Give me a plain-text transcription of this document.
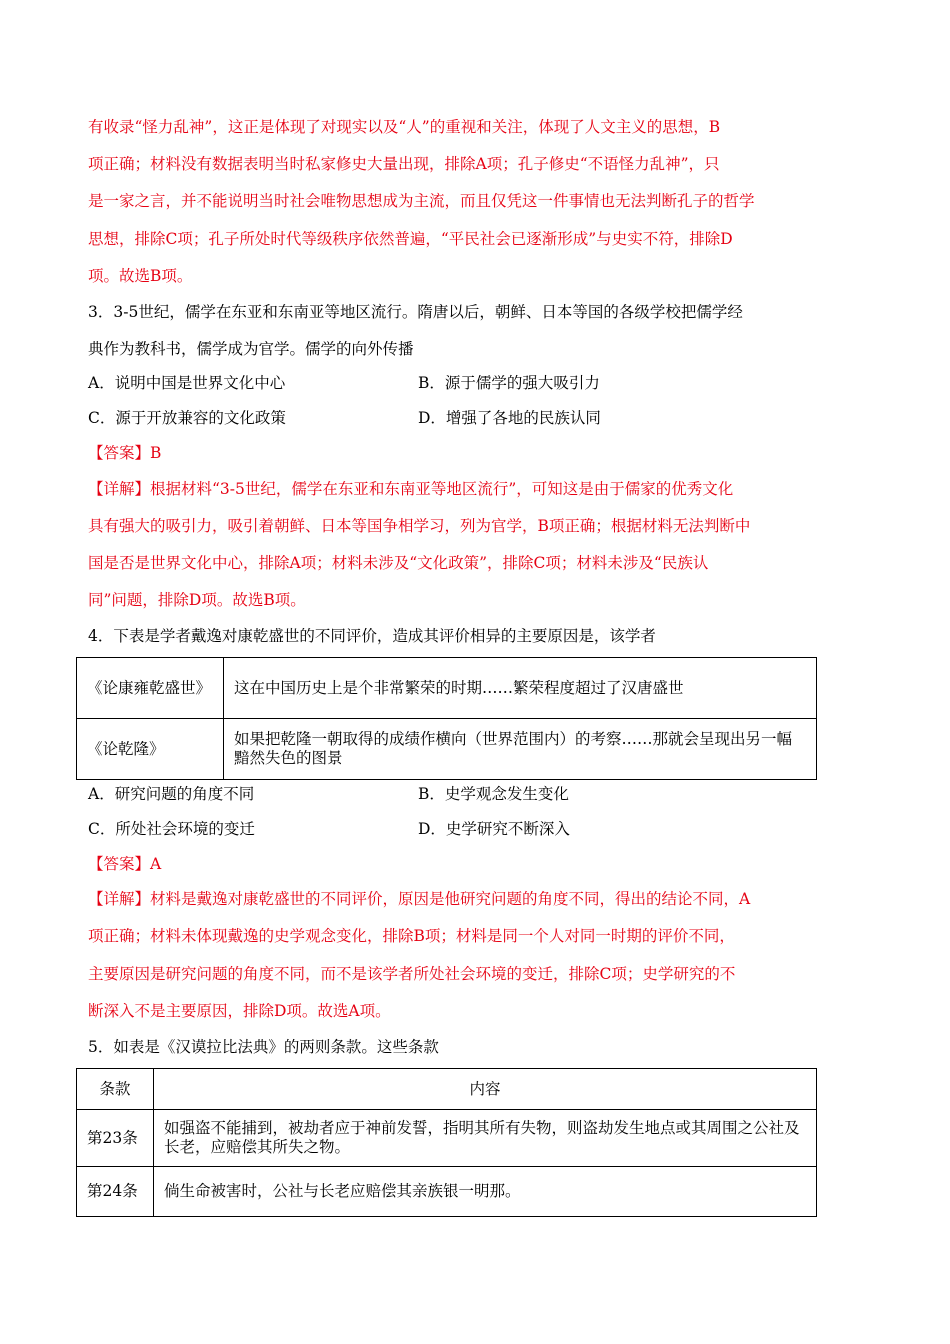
有收录“怪力乱神”，这正是体现了对现实以及“人”的重视和关注，体现了人文主义的思想，B
项正确；材料没有数据表明当时私家修史大量出现，排除A项；孔子修史“不语怪力乱神”，只
是一家之言，并不能说明当时社会唯物思想成为主流，而且仅凭这一件事情也无法判断孔子的哲学
思想，排除C项；孔子所处时代等级秩序依然普遍，“平民社会已逐渐形成”与史实不符，排除D
项。故选B项。
3．3-5世纪，儒学在东亚和东南亚等地区流行。隋唐以后，朝鲜、日本等国的各级学校把儒学经
典作为教科书，儒学成为官学。儒学的向外传播
A．说明中国是世界文化中心	B．源于儒学的强大吸引力
C．源于开放兼容的文化政策	D．增强了各地的民族认同
【答案】B
【详解】根据材料“3-5世纪，儒学在东亚和东南亚等地区流行”，可知这是由于儒家的优秀文化
具有强大的吸引力，吸引着朝鲜、日本等国争相学习，列为官学，B项正确；根据材料无法判断中
国是否是世界文化中心，排除A项；材料未涉及“文化政策”，排除C项；材料未涉及“民族认
同”问题，排除D项。故选B项。
4．下表是学者戴逸对康乾盛世的不同评价，造成其评价相异的主要原因是，该学者
《论康雍乾盛世》	这在中国历史上是个非常繁荣的时期……繁荣程度超过了汉唐盛世
《论乾隆》	如果把乾隆一朝取得的成绩作横向（世界范围内）的考察……那就会呈现出另一幅黯然失色的图景
A．研究问题的角度不同	B．史学观念发生变化
C．所处社会环境的变迁	D．史学研究不断深入
【答案】A
【详解】材料是戴逸对康乾盛世的不同评价，原因是他研究问题的角度不同，得出的结论不同，A
项正确；材料未体现戴逸的史学观念变化，排除B项；材料是同一个人对同一时期的评价不同，
主要原因是研究问题的角度不同，而不是该学者所处社会环境的变迁，排除C项；史学研究的不
断深入不是主要原因，排除D项。故选A项。
5．如表是《汉谟拉比法典》的两则条款。这些条款
条款	内容
第23条	如强盗不能捕到，被劫者应于神前发誓，指明其所有失物，则盗劫发生地点或其周围之公社及长老，应赔偿其所失之物。
第24条	倘生命被害时，公社与长老应赔偿其亲族银一明那。
